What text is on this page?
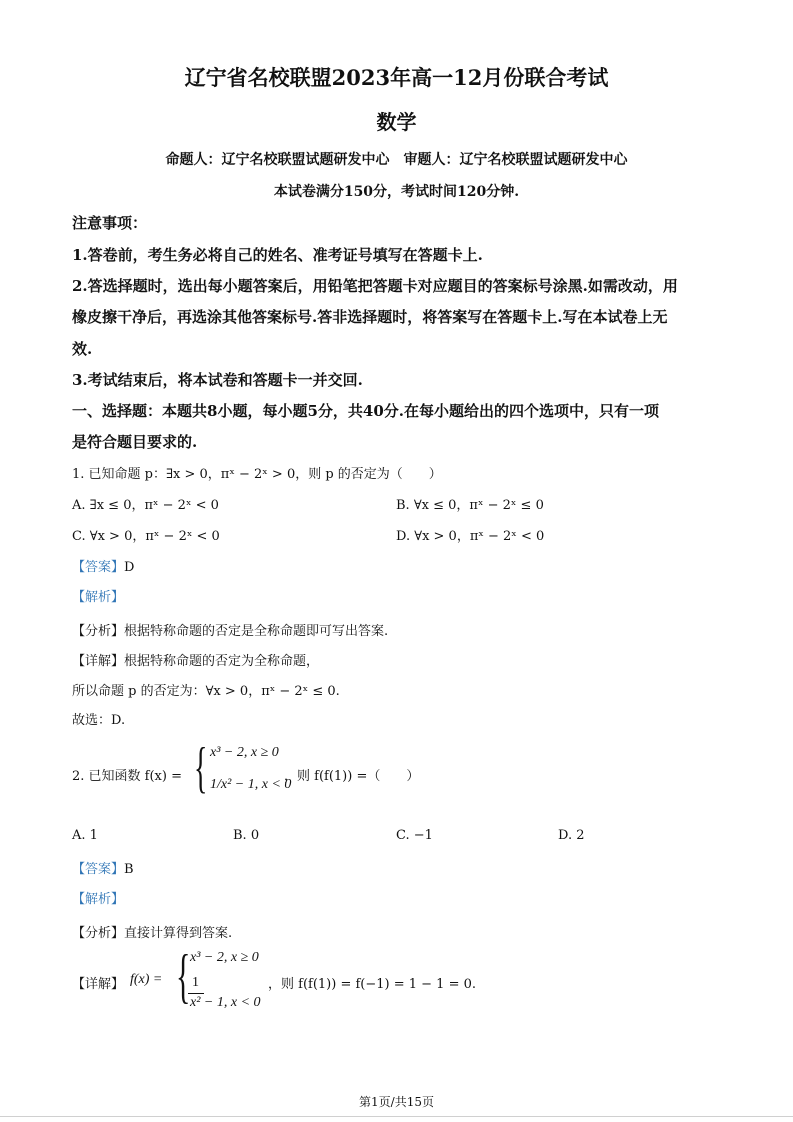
辽宁省名校联盟2023年高一12月份联合考试
数学
命题人：辽宁名校联盟试题研发中心　审题人：辽宁名校联盟试题研发中心
本试卷满分150分，考试时间120分钟.
注意事项：
1.答卷前，考生务必将自己的姓名、准考证号填写在答题卡上.
2.答选择题时，选出每小题答案后，用铅笔把答题卡对应题目的答案标号涂黑.如需改动，用
橡皮擦干净后，再选涂其他答案标号.答非选择题时，将答案写在答题卡上.写在本试卷上无
效.
3.考试结束后，将本试卷和答题卡一并交回.
一、选择题：本题共8小题，每小题5分，共40分.在每小题给出的四个选项中，只有一项
是符合题目要求的.
1. 已知命题 p：∃x > 0，πˣ − 2ˣ > 0，则 p 的否定为（　　）
A. ∃x ≤ 0，πˣ − 2ˣ < 0	B. ∀x ≤ 0，πˣ − 2ˣ ≤ 0
C. ∀x > 0，πˣ − 2ˣ < 0	D. ∀x > 0，πˣ − 2ˣ < 0
【答案】D
【解析】
【分析】根据特称命题的否定是全称命题即可写出答案.
【详解】根据特称命题的否定为全称命题，
所以命题 p 的否定为：∀x > 0，πˣ − 2ˣ ≤ 0.
故选：D.
2. 已知函数 f(x) = { x³ − 2, x ≥ 0
1/x² − 1, x < 0
，则 f(f(1)) =（　　）
A. 1	B. 0	C. −1	D. 2
【答案】B
【解析】
【分析】直接计算得到答案.
【详解】 f(x) = { x³ − 2, x ≥ 0
1
x² − 1, x < 0
，则 f(f(1)) = f(−1) = 1 − 1 = 0.
第1页/共15页
